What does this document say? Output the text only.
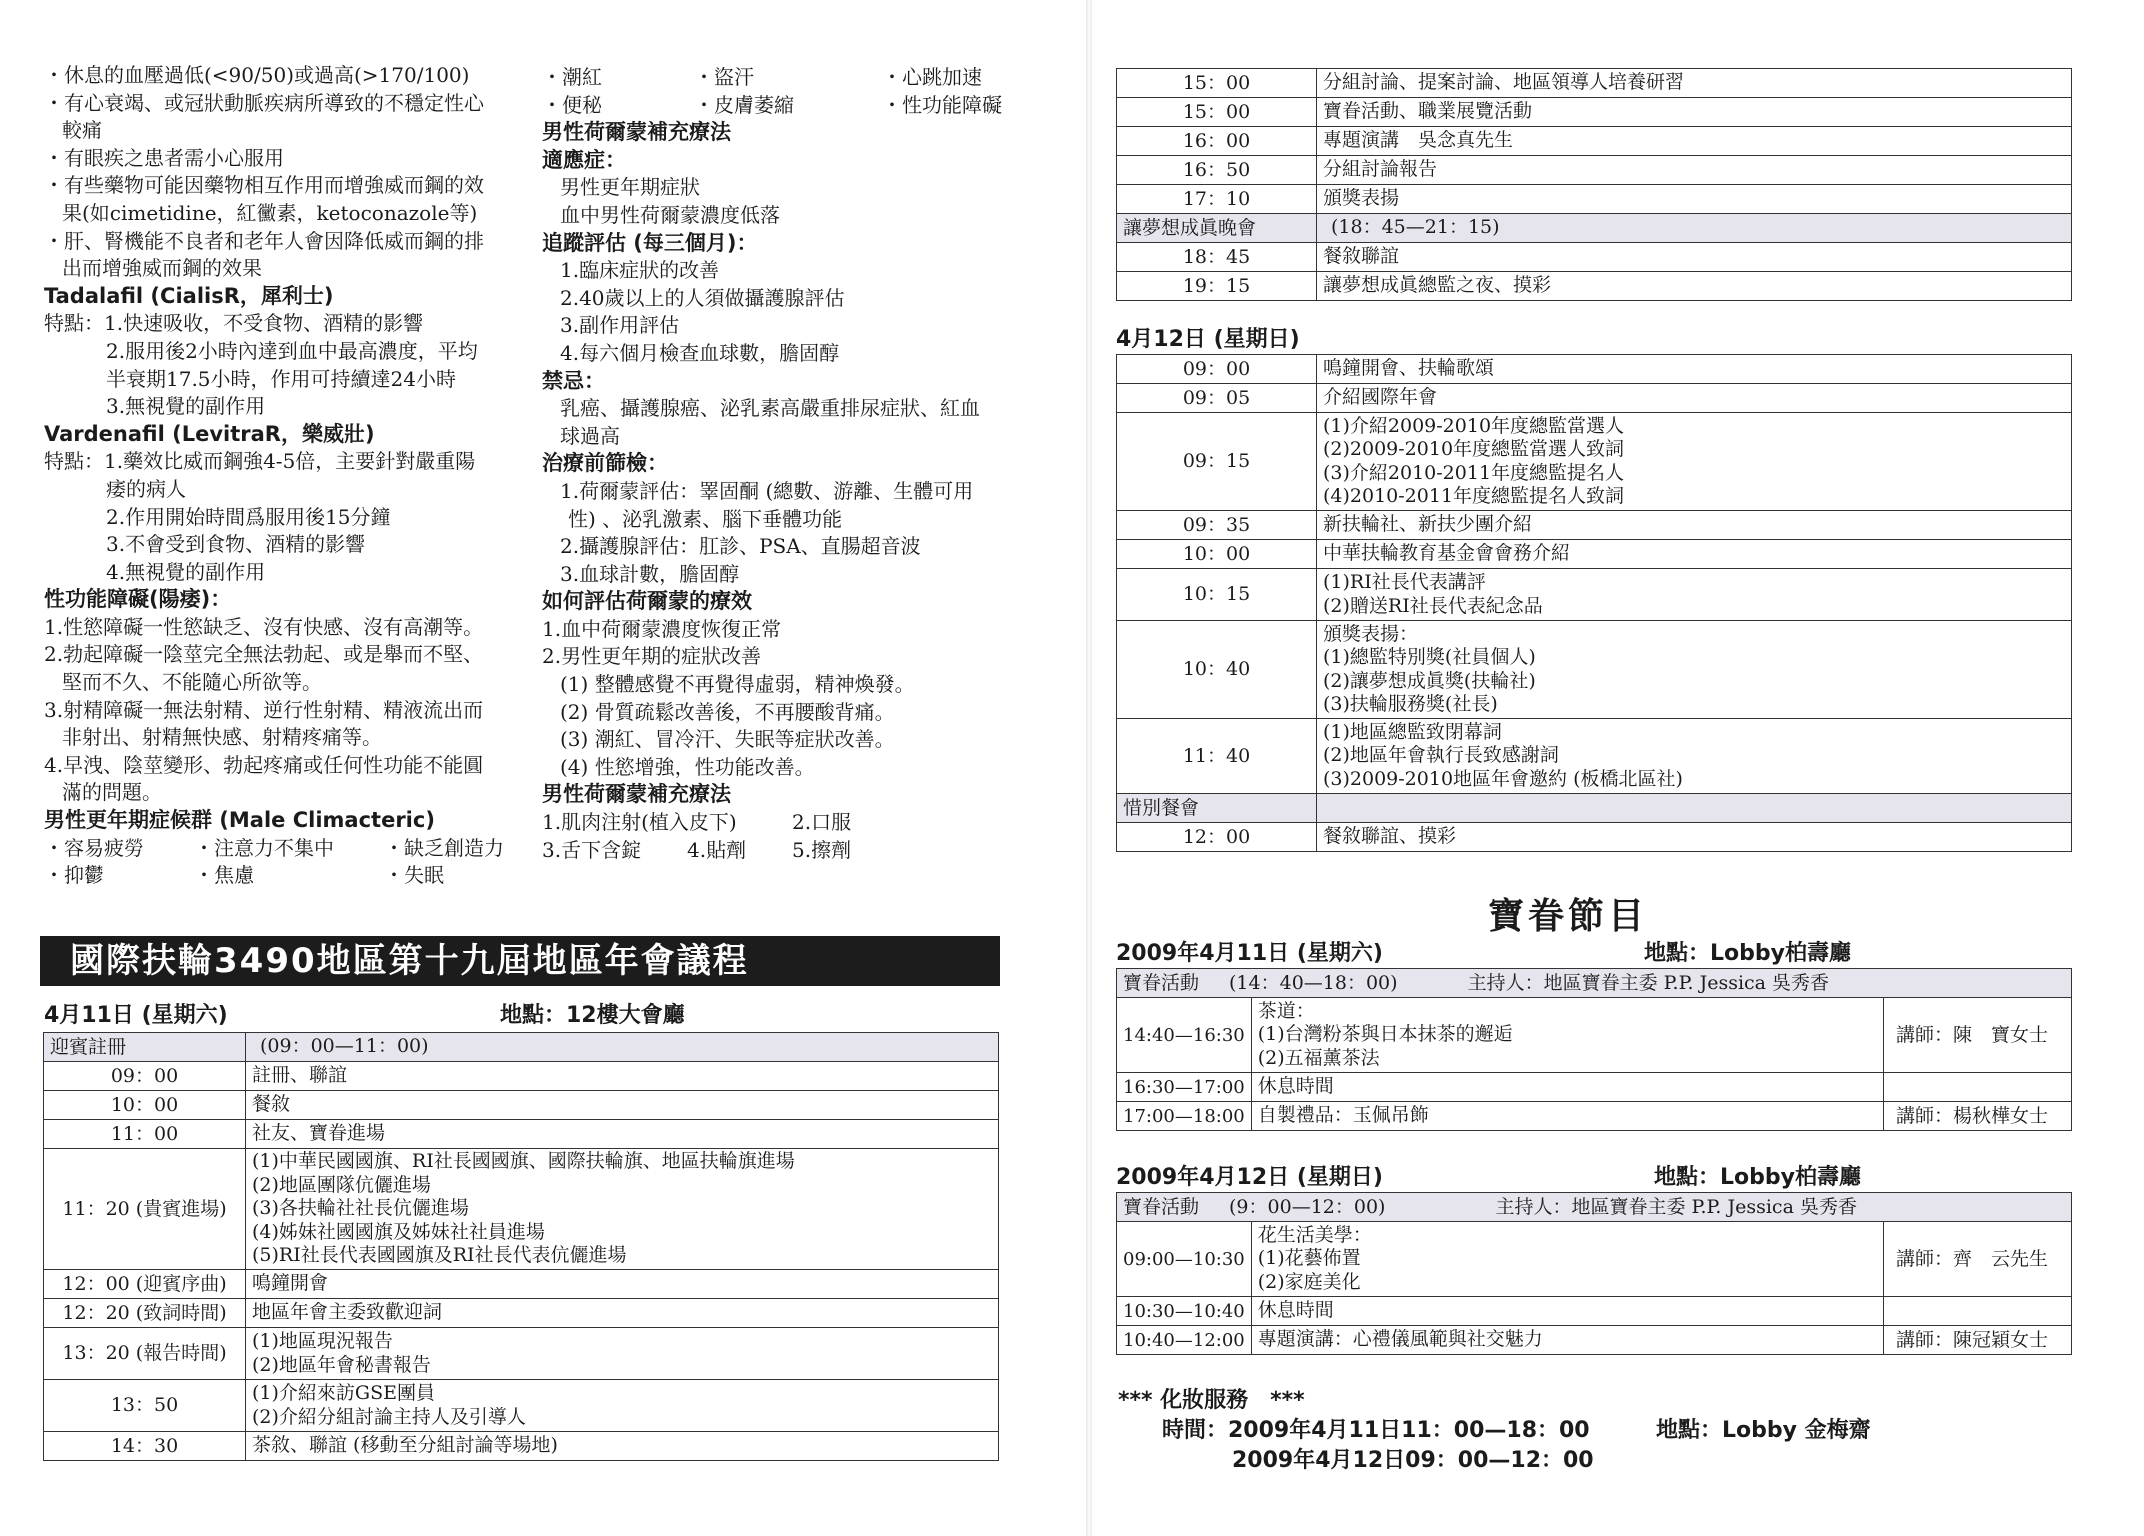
・休息的血壓過低(<90/50)或過高(>170/100)
・有心衰竭、或冠狀動脈疾病所導致的不穩定性心
較痛
・有眼疾之患者需小心服用
・有些藥物可能因藥物相互作用而增強威而鋼的效
果(如cimetidine，紅黴素，ketoconazole等)
・肝、腎機能不良者和老年人會因降低威而鋼的排
出而增強威而鋼的效果
Tadalafil (CialisR，犀利士)
特點：1.快速吸收，不受食物、酒精的影響
2.服用後2小時內達到血中最高濃度，平均
半衰期17.5小時，作用可持續達24小時
3.無視覺的副作用
Vardenafil (LevitraR，樂威壯)
特點：1.藥效比威而鋼強4-5倍，主要針對嚴重陽
痿的病人
2.作用開始時間爲服用後15分鐘
3.不會受到食物、酒精的影響
4.無視覺的副作用
性功能障礙(陽痿)：
1.性慾障礙一性慾缺乏、沒有快感、沒有高潮等。
2.勃起障礙一陰莖完全無法勃起、或是舉而不堅、
堅而不久、不能隨心所欲等。
3.射精障礙一無法射精、逆行性射精、精液流出而
非射出、射精無快感、射精疼痛等。
4.早洩、陰莖變形、勃起疼痛或任何性功能不能圓
滿的問題。
男性更年期症候群 (Male Climacteric)
・容易疲勞	・注意力不集中	・缺乏創造力
・抑鬱	・焦慮	・失眠
・潮紅	・盜汗	・心跳加速
・便秘	・皮膚萎縮	・性功能障礙
男性荷爾蒙補充療法
適應症：
男性更年期症狀
血中男性荷爾蒙濃度低落
追蹤評估 (每三個月)：
1.臨床症狀的改善
2.40歲以上的人須做攝護腺評估
3.副作用評估
4.每六個月檢查血球數，膽固醇
禁忌：
乳癌、攝護腺癌、泌乳素高嚴重排尿症狀、紅血
球過高
治療前篩檢：
1.荷爾蒙評估：睪固酮 (總數、游離、生體可用
性) 、泌乳激素、腦下垂體功能
2.攝護腺評估：肛診、PSA、直腸超音波
3.血球計數，膽固醇
如何評估荷爾蒙的療效
1.血中荷爾蒙濃度恢復正常
2.男性更年期的症狀改善
(1) 整體感覺不再覺得虛弱，精神煥發。
(2) 骨質疏鬆改善後，不再腰酸背痛。
(3) 潮紅、冒冷汗、失眠等症狀改善。
(4) 性慾增強，性功能改善。
男性荷爾蒙補充療法
1.肌肉注射(植入皮下)	2.口服
3.舌下含錠	4.貼劑	5.擦劑
國際扶輪3490地區第十九屆地區年會議程
4月11日 (星期六)	地點：12樓大會廳
迎賓註冊	(09：00—11：00)
09：00	註冊、聯誼
10：00	餐敘
11：00	社友、寶眷進場
11：20 (貴賓進場)	(1)中華民國國旗、RI社長國國旗、國際扶輪旗、地區扶輪旗進場
(2)地區團隊伉儷進場
(3)各扶輪社社長伉儷進場
(4)姊妹社國國旗及姊妹社社員進場
(5)RI社長代表國國旗及RI社長代表伉儷進場
12：00 (迎賓序曲)	鳴鐘開會
12：20 (致詞時間)	地區年會主委致歡迎詞
13：20 (報告時間)	(1)地區現況報告
(2)地區年會秘書報告
13：50	(1)介紹來訪GSE團員
(2)介紹分組討論主持人及引導人
14：30	茶敘、聯誼 (移動至分組討論等場地)
15：00	分組討論、提案討論、地區領導人培養研習
15：00	寶眷活動、職業展覽活動
16：00	專題演講　吳念真先生
16：50	分組討論報告
17：10	頒獎表揚
讓夢想成眞晚會	(18：45—21：15)
18：45	餐敘聯誼
19：15	讓夢想成眞總監之夜、摸彩
4月12日 (星期日)
09：00	鳴鐘開會、扶輪歌頌
09：05	介紹國際年會
09：15	(1)介紹2009-2010年度總監當選人
(2)2009-2010年度總監當選人致詞
(3)介紹2010-2011年度總監提名人
(4)2010-2011年度總監提名人致詞
09：35	新扶輪社、新扶少團介紹
10：00	中華扶輪教育基金會會務介紹
10：15	(1)RI社長代表講評
(2)贈送RI社長代表紀念品
10：40	頒獎表揚：
(1)總監特別獎(社員個人)
(2)讓夢想成眞獎(扶輪社)
(3)扶輪服務獎(社長)
11：40	(1)地區總監致閉幕詞
(2)地區年會執行長致感謝詞
(3)2009-2010地區年會邀約 (板橋北區社)
惜別餐會	
12：00	餐敘聯誼、摸彩
寶眷節目
2009年4月11日 (星期六)	地點：Lobby柏壽廳
寶眷活動 (14：40—18：00) 主持人：地區寶眷主委 P.P. Jessica 吳秀香		
14:40—16:30	茶道：
(1)台灣粉茶與日本抹茶的邂逅
(2)五福薰茶法	講師：陳　寶女士
16:30—17:00	休息時間	
17:00—18:00	自製禮品：玉佩吊飾	講師：楊秋樺女士
2009年4月12日 (星期日)	地點：Lobby柏壽廳
寶眷活動 (9：00—12：00) 主持人：地區寶眷主委 P.P. Jessica 吳秀香		
09:00—10:30	花生活美學：
(1)花藝佈置
(2)家庭美化	講師：齊　云先生
10:30—10:40	休息時間	
10:40—12:00	專題演講：心禮儀風範與社交魅力	講師：陳冠穎女士
*** 化妝服務　***
時間：2009年4月11日11：00—18：00
2009年4月12日09：00—12：00
地點：Lobby 金梅齋
